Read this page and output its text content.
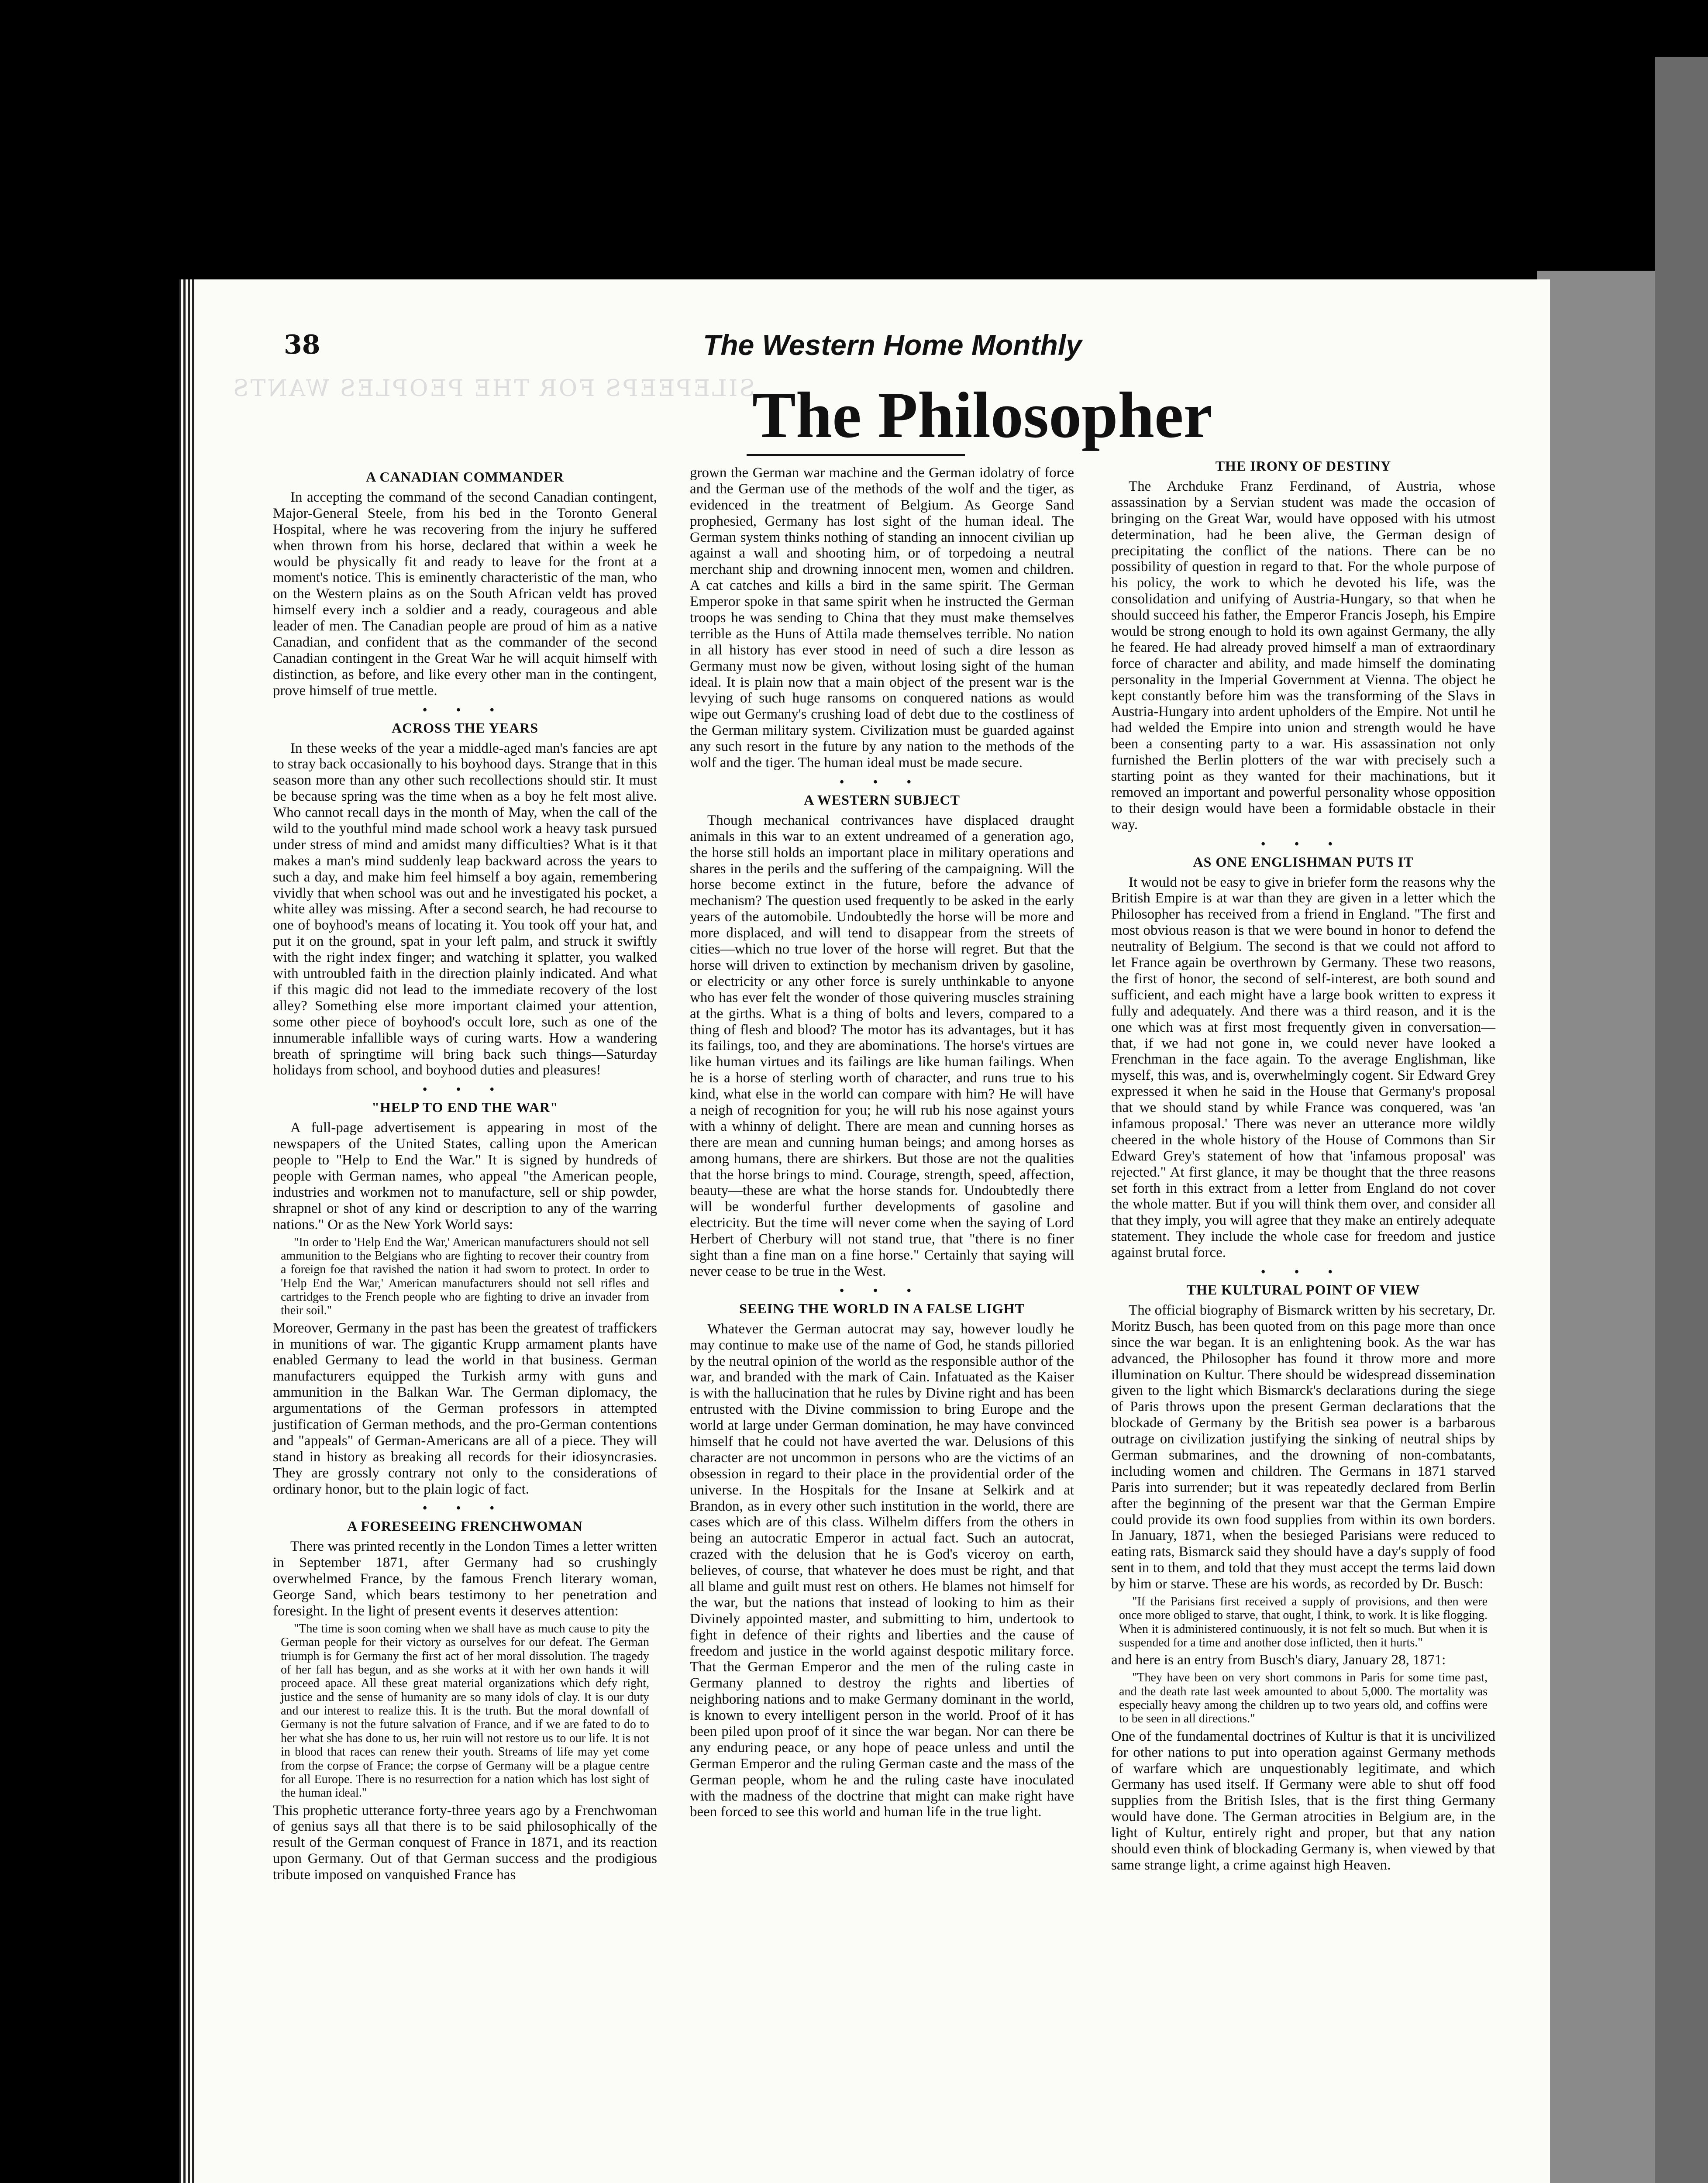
SILEPEEPS FOR THE PEOPLES WANTS
38	The Western Home Monthly
The Philosopher
A CANADIAN COMMANDER

In accepting the command of the second Canadian contingent, Major-General Steele, from his bed in the Toronto General Hospital, where he was recovering from the injury he suffered when thrown from his horse, declared that within a week he would be physically fit and ready to leave for the front at a moment's notice. This is eminently characteristic of the man, who on the Western plains as on the South African veldt has proved himself every inch a soldier and a ready, courageous and able leader of men. The Canadian people are proud of him as a native Canadian, and confident that as the commander of the second Canadian contingent in the Great War he will acquit himself with distinction, as before, and like every other man in the contingent, prove himself of true mettle.

• • •
ACROSS THE YEARS

In these weeks of the year a middle-aged man's fancies are apt to stray back occasionally to his boyhood days. Strange that in this season more than any other such recollections should stir. It must be because spring was the time when as a boy he felt most alive. Who cannot recall days in the month of May, when the call of the wild to the youthful mind made school work a heavy task pursued under stress of mind and amidst many difficulties? What is it that makes a man's mind suddenly leap backward across the years to such a day, and make him feel himself a boy again, remembering vividly that when school was out and he investigated his pocket, a white alley was missing. After a second search, he had recourse to one of boyhood's means of locating it. You took off your hat, and put it on the ground, spat in your left palm, and struck it swiftly with the right index finger; and watching it splatter, you walked with untroubled faith in the direction plainly indicated. And what if this magic did not lead to the immediate recovery of the lost alley? Something else more important claimed your attention, some other piece of boyhood's occult lore, such as one of the innumerable infallible ways of curing warts. How a wandering breath of springtime will bring back such things—Saturday holidays from school, and boyhood duties and pleasures!

• • •
"HELP TO END THE WAR"

A full-page advertisement is appearing in most of the newspapers of the United States, calling upon the American people to "Help to End the War." It is signed by hundreds of people with German names, who appeal "the American people, industries and workmen not to manufacture, sell or ship powder, shrapnel or shot of any kind or description to any of the warring nations." Or as the New York World says:

"In order to 'Help End the War,' American manufacturers should not sell ammunition to the Belgians who are fighting to recover their country from a foreign foe that ravished the nation it had sworn to protect. In order to 'Help End the War,' American manufacturers should not sell rifles and cartridges to the French people who are fighting to drive an invader from their soil."

Moreover, Germany in the past has been the greatest of traffickers in munitions of war. The gigantic Krupp armament plants have enabled Germany to lead the world in that business. German manufacturers equipped the Turkish army with guns and ammunition in the Balkan War. The German diplomacy, the argumentations of the German professors in attempted justification of German methods, and the pro-German contentions and "appeals" of German-Americans are all of a piece. They will stand in history as breaking all records for their idiosyncrasies. They are grossly contrary not only to the considerations of ordinary honor, but to the plain logic of fact.

• • •
A FORESEEING FRENCHWOMAN

There was printed recently in the London Times a letter written in September 1871, after Germany had so crushingly overwhelmed France, by the famous French literary woman, George Sand, which bears testimony to her penetration and foresight. In the light of present events it deserves attention:

"The time is soon coming when we shall have as much cause to pity the German people for their victory as ourselves for our defeat. The German triumph is for Germany the first act of her moral dissolution. The tragedy of her fall has begun, and as she works at it with her own hands it will proceed apace. All these great material organizations which defy right, justice and the sense of humanity are so many idols of clay. It is our duty and our interest to realize this. It is the truth. But the moral downfall of Germany is not the future salvation of France, and if we are fated to do to her what she has done to us, her ruin will not restore us to our life. It is not in blood that races can renew their youth. Streams of life may yet come from the corpse of France; the corpse of Germany will be a plague centre for all Europe. There is no resurrection for a nation which has lost sight of the human ideal."

This prophetic utterance forty-three years ago by a Frenchwoman of genius says all that there is to be said philosophically of the result of the German conquest of France in 1871, and its reaction upon Germany. Out of that German success and the prodigious tribute imposed on vanquished France has

grown the German war machine and the German idolatry of force and the German use of the methods of the wolf and the tiger, as evidenced in the treatment of Belgium. As George Sand prophesied, Germany has lost sight of the human ideal. The German system thinks nothing of standing an innocent civilian up against a wall and shooting him, or of torpedoing a neutral merchant ship and drowning innocent men, women and children. A cat catches and kills a bird in the same spirit. The German Emperor spoke in that same spirit when he instructed the German troops he was sending to China that they must make themselves terrible as the Huns of Attila made themselves terrible. No nation in all history has ever stood in need of such a dire lesson as Germany must now be given, without losing sight of the human ideal. It is plain now that a main object of the present war is the levying of such huge ransoms on conquered nations as would wipe out Germany's crushing load of debt due to the costliness of the German military system. Civilization must be guarded against any such resort in the future by any nation to the methods of the wolf and the tiger. The human ideal must be made secure.

• • •
A WESTERN SUBJECT

Though mechanical contrivances have displaced draught animals in this war to an extent undreamed of a generation ago, the horse still holds an important place in military operations and shares in the perils and the suffering of the campaigning. Will the horse become extinct in the future, before the advance of mechanism? The question used frequently to be asked in the early years of the automobile. Undoubtedly the horse will be more and more displaced, and will tend to disappear from the streets of cities—which no true lover of the horse will regret. But that the horse will driven to extinction by mechanism driven by gasoline, or electricity or any other force is surely unthinkable to anyone who has ever felt the wonder of those quivering muscles straining at the girths. What is a thing of bolts and levers, compared to a thing of flesh and blood? The motor has its advantages, but it has its failings, too, and they are abominations. The horse's virtues are like human virtues and its failings are like human failings. When he is a horse of sterling worth of character, and runs true to his kind, what else in the world can compare with him? He will have a neigh of recognition for you; he will rub his nose against yours with a whinny of delight. There are mean and cunning horses as there are mean and cunning human beings; and among horses as among humans, there are shirkers. But those are not the qualities that the horse brings to mind. Courage, strength, speed, affection, beauty—these are what the horse stands for. Undoubtedly there will be wonderful further developments of gasoline and electricity. But the time will never come when the saying of Lord Herbert of Cherbury will not stand true, that "there is no finer sight than a fine man on a fine horse." Certainly that saying will never cease to be true in the West.

• • •
SEEING THE WORLD IN A FALSE LIGHT

Whatever the German autocrat may say, however loudly he may continue to make use of the name of God, he stands pilloried by the neutral opinion of the world as the responsible author of the war, and branded with the mark of Cain. Infatuated as the Kaiser is with the hallucination that he rules by Divine right and has been entrusted with the Divine commission to bring Europe and the world at large under German domination, he may have convinced himself that he could not have averted the war. Delusions of this character are not uncommon in persons who are the victims of an obsession in regard to their place in the providential order of the universe. In the Hospitals for the Insane at Selkirk and at Brandon, as in every other such institution in the world, there are cases which are of this class. Wilhelm differs from the others in being an autocratic Emperor in actual fact. Such an autocrat, crazed with the delusion that he is God's viceroy on earth, believes, of course, that whatever he does must be right, and that all blame and guilt must rest on others. He blames not himself for the war, but the nations that instead of looking to him as their Divinely appointed master, and submitting to him, undertook to fight in defence of their rights and liberties and the cause of freedom and justice in the world against despotic military force. That the German Emperor and the men of the ruling caste in Germany planned to destroy the rights and liberties of neighboring nations and to make Germany dominant in the world, is known to every intelligent person in the world. Proof of it has been piled upon proof of it since the war began. Nor can there be any enduring peace, or any hope of peace unless and until the German Emperor and the ruling German caste and the mass of the German people, whom he and the ruling caste have inoculated with the madness of the doctrine that might can make right have been forced to see this world and human life in the true light.

THE IRONY OF DESTINY

The Archduke Franz Ferdinand, of Austria, whose assassination by a Servian student was made the occasion of bringing on the Great War, would have opposed with his utmost determination, had he been alive, the German design of precipitating the conflict of the nations. There can be no possibility of question in regard to that. For the whole purpose of his policy, the work to which he devoted his life, was the consolidation and unifying of Austria-Hungary, so that when he should succeed his father, the Emperor Francis Joseph, his Empire would be strong enough to hold its own against Germany, the ally he feared. He had already proved himself a man of extraordinary force of character and ability, and made himself the dominating personality in the Imperial Government at Vienna. The object he kept constantly before him was the transforming of the Slavs in Austria-Hungary into ardent upholders of the Empire. Not until he had welded the Empire into union and strength would he have been a consenting party to a war. His assassination not only furnished the Berlin plotters of the war with precisely such a starting point as they wanted for their machinations, but it removed an important and powerful personality whose opposition to their design would have been a formidable obstacle in their way.

• • •
AS ONE ENGLISHMAN PUTS IT

It would not be easy to give in briefer form the reasons why the British Empire is at war than they are given in a letter which the Philosopher has received from a friend in England. "The first and most obvious reason is that we were bound in honor to defend the neutrality of Belgium. The second is that we could not afford to let France again be overthrown by Germany. These two reasons, the first of honor, the second of self-interest, are both sound and sufficient, and each might have a large book written to express it fully and adequately. And there was a third reason, and it is the one which was at first most frequently given in conversation—that, if we had not gone in, we could never have looked a Frenchman in the face again. To the average Englishman, like myself, this was, and is, overwhelmingly cogent. Sir Edward Grey expressed it when he said in the House that Germany's proposal that we should stand by while France was conquered, was 'an infamous proposal.' There was never an utterance more wildly cheered in the whole history of the House of Commons than Sir Edward Grey's statement of how that 'infamous proposal' was rejected." At first glance, it may be thought that the three reasons set forth in this extract from a letter from England do not cover the whole matter. But if you will think them over, and consider all that they imply, you will agree that they make an entirely adequate statement. They include the whole case for freedom and justice against brutal force.

• • •
THE KULTURAL POINT OF VIEW

The official biography of Bismarck written by his secretary, Dr. Moritz Busch, has been quoted from on this page more than once since the war began. It is an enlightening book. As the war has advanced, the Philosopher has found it throw more and more illumination on Kultur. There should be widespread dissemination given to the light which Bismarck's declarations during the siege of Paris throws upon the present German declarations that the blockade of Germany by the British sea power is a barbarous outrage on civilization justifying the sinking of neutral ships by German submarines, and the drowning of non-combatants, including women and children. The Germans in 1871 starved Paris into surrender; but it was repeatedly declared from Berlin after the beginning of the present war that the German Empire could provide its own food supplies from within its own borders. In January, 1871, when the besieged Parisians were reduced to eating rats, Bismarck said they should have a day's supply of food sent in to them, and told that they must accept the terms laid down by him or starve. These are his words, as recorded by Dr. Busch:

"If the Parisians first received a supply of provisions, and then were once more obliged to starve, that ought, I think, to work. It is like flogging. When it is administered continuously, it is not felt so much. But when it is suspended for a time and another dose inflicted, then it hurts."

and here is an entry from Busch's diary, January 28, 1871:

"They have been on very short commons in Paris for some time past, and the death rate last week amounted to about 5,000. The mortality was especially heavy among the children up to two years old, and coffins were to be seen in all directions."

One of the fundamental doctrines of Kultur is that it is uncivilized for other nations to put into operation against Germany methods of warfare which are unquestionably legitimate, and which Germany has used itself. If Germany were able to shut off food supplies from the British Isles, that is the first thing Germany would have done. The German atrocities in Belgium are, in the light of Kultur, entirely right and proper, but that any nation should even think of blockading Germany is, when viewed by that same strange light, a crime against high Heaven.
